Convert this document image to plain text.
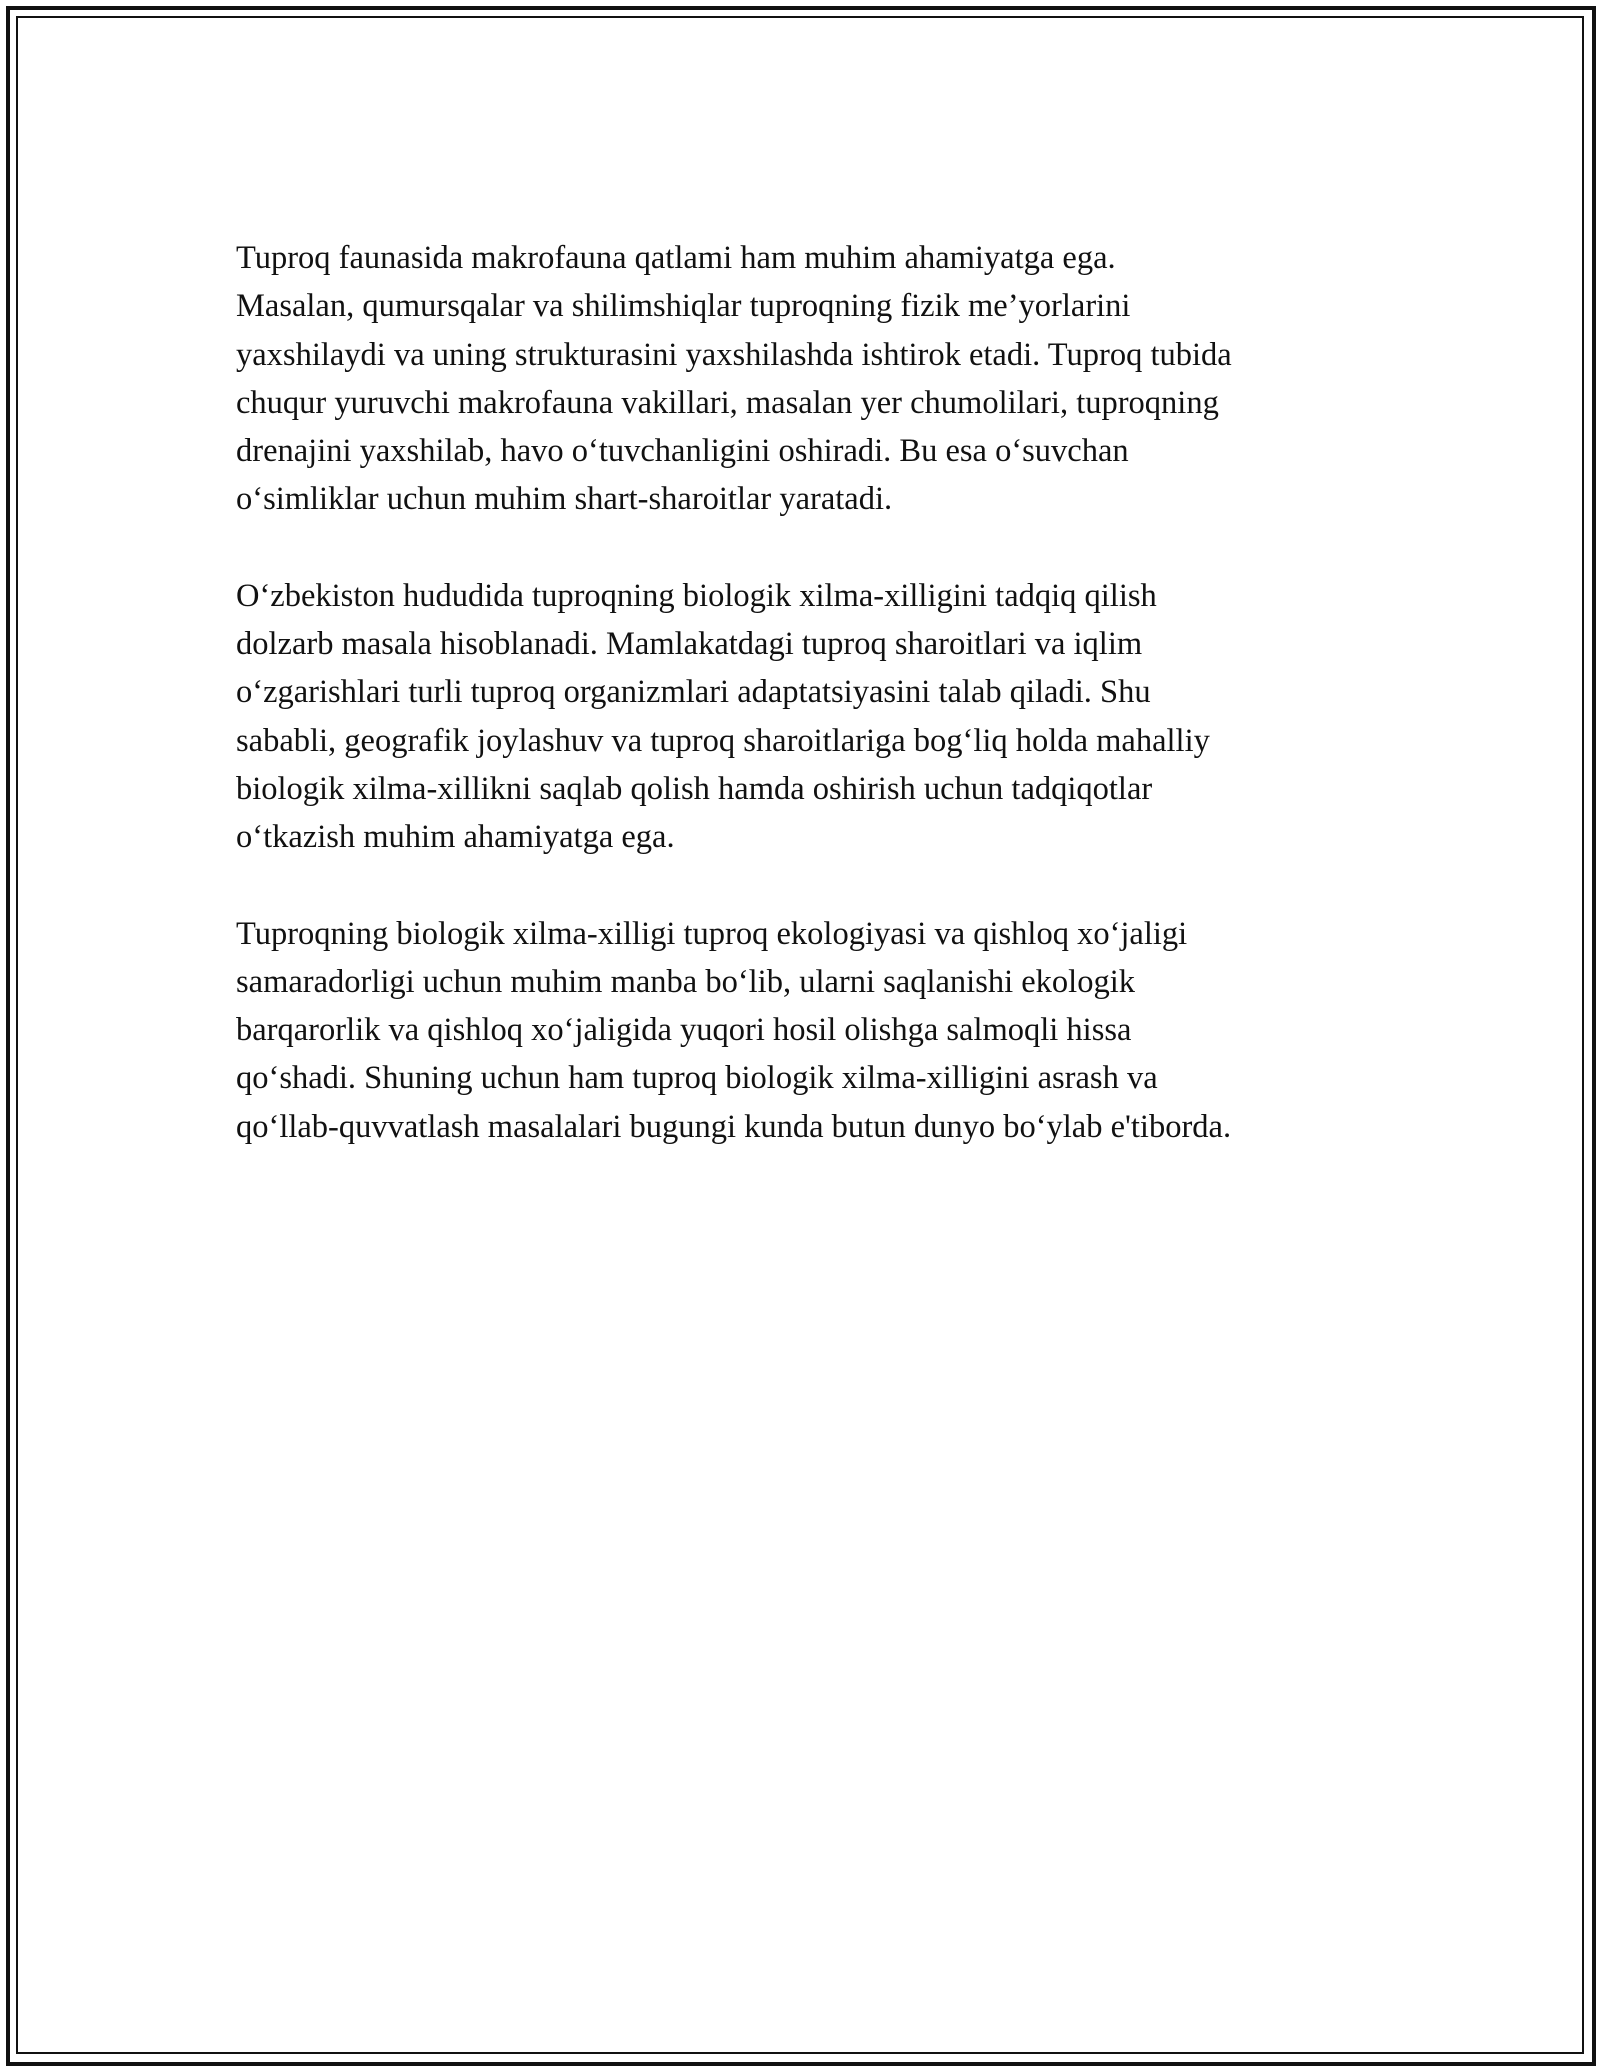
Tuproq faunasida makrofauna qatlami ham muhim ahamiyatga ega.
Masalan, qumursqalar va shilimshiqlar tuproqning fizik me’yorlarini
yaxshilaydi va uning strukturasini yaxshilashda ishtirok etadi. Tuproq tubida
chuqur yuruvchi makrofauna vakillari, masalan yer chumolilari, tuproqning
drenajini yaxshilab, havo o‘tuvchanligini oshiradi. Bu esa o‘suvchan
o‘simliklar uchun muhim shart-sharoitlar yaratadi.

O‘zbekiston hududida tuproqning biologik xilma-xilligini tadqiq qilish
dolzarb masala hisoblanadi. Mamlakatdagi tuproq sharoitlari va iqlim
o‘zgarishlari turli tuproq organizmlari adaptatsiyasini talab qiladi. Shu
sababli, geografik joylashuv va tuproq sharoitlariga bog‘liq holda mahalliy
biologik xilma-xillikni saqlab qolish hamda oshirish uchun tadqiqotlar
o‘tkazish muhim ahamiyatga ega.

Tuproqning biologik xilma-xilligi tuproq ekologiyasi va qishloq xo‘jaligi
samaradorligi uchun muhim manba bo‘lib, ularni saqlanishi ekologik
barqarorlik va qishloq xo‘jaligida yuqori hosil olishga salmoqli hissa
qo‘shadi. Shuning uchun ham tuproq biologik xilma-xilligini asrash va
qo‘llab-quvvatlash masalalari bugungi kunda butun dunyo bo‘ylab e'tiborda.
